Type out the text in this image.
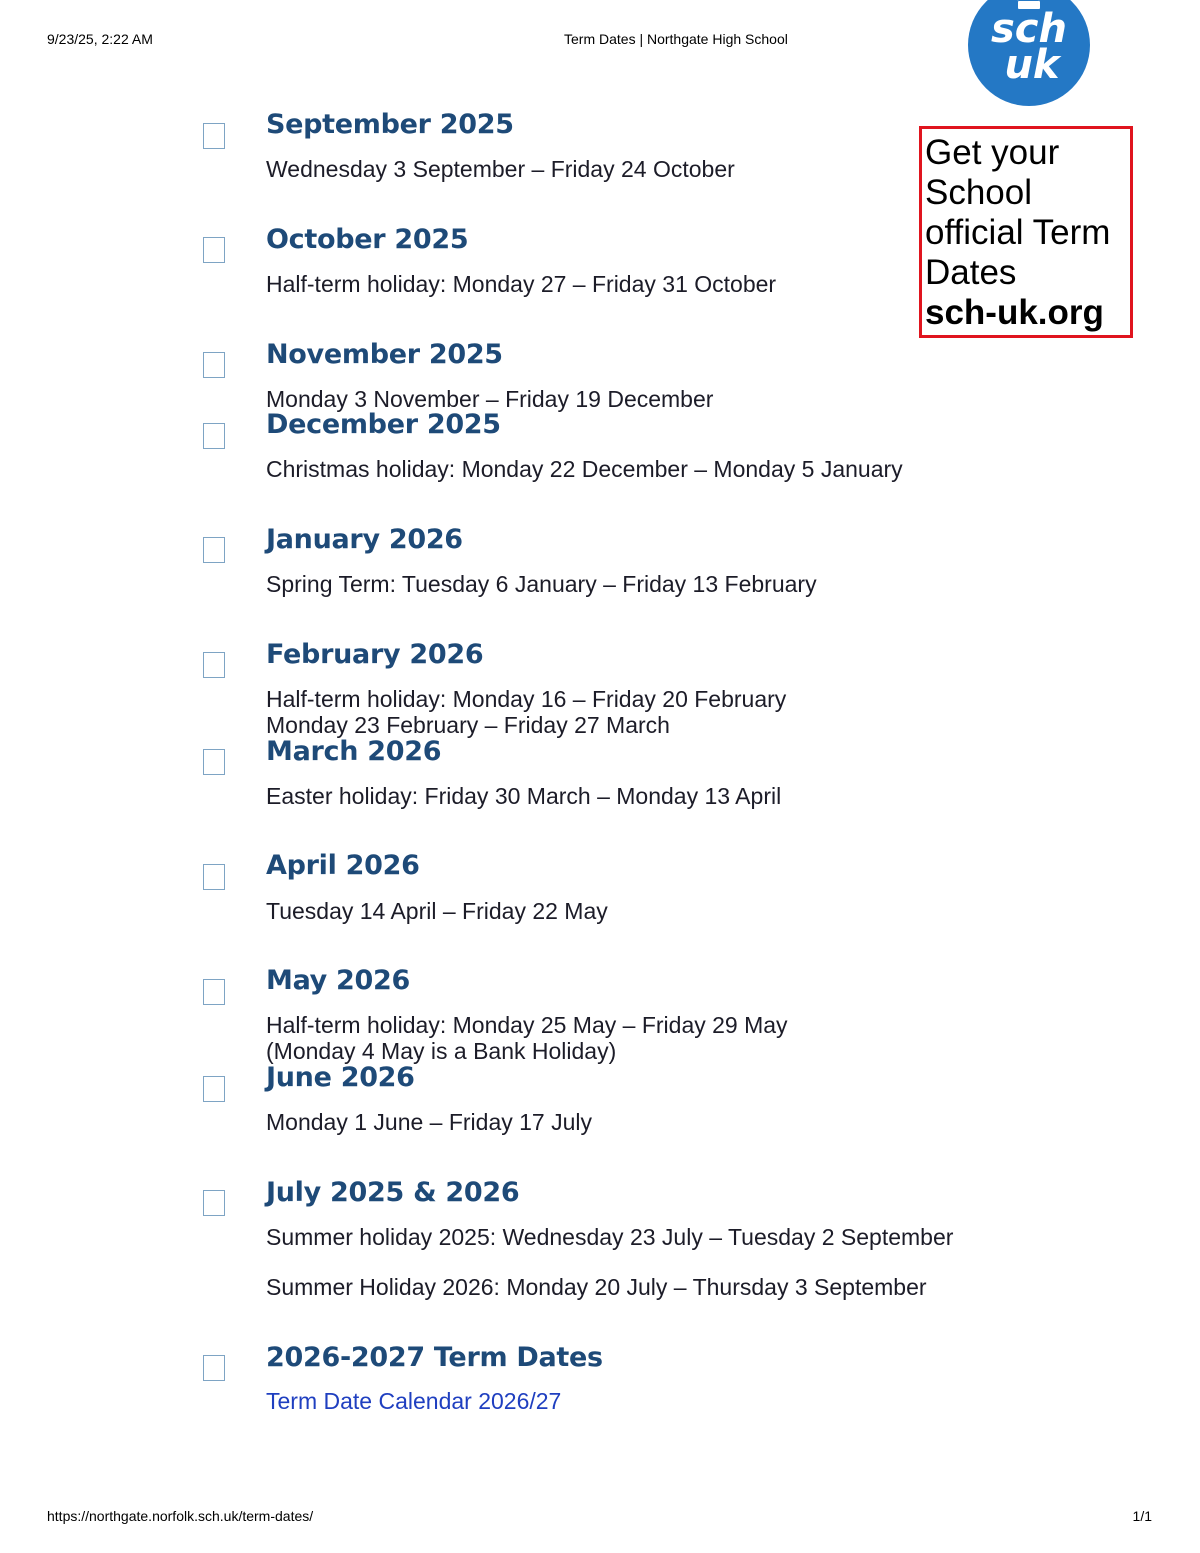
9/23/25, 2:22 AM	Term Dates | Northgate High School	sch
uk
Get your
School
official Term
Dates
sch-uk.org
September 2025
Wednesday 3 September – Friday 24 October
October 2025
Half-term holiday: Monday 27 – Friday 31 October
November 2025
Monday 3 November – Friday 19 December
December 2025
Christmas holiday: Monday 22 December – Monday 5 January
January 2026
Spring Term: Tuesday 6 January – Friday 13 February
February 2026
Half-term holiday: Monday 16 – Friday 20 February
Monday 23 February – Friday 27 March
March 2026
Easter holiday: Friday 30 March – Monday 13 April
April 2026
Tuesday 14 April – Friday 22 May
May 2026
Half-term holiday: Monday 25 May – Friday 29 May
(Monday 4 May is a Bank Holiday)
June 2026
Monday 1 June – Friday 17 July
July 2025 & 2026
Summer holiday 2025: Wednesday 23 July – Tuesday 2 September
Summer Holiday 2026: Monday 20 July – Thursday 3 September
2026-2027 Term Dates
Term Date Calendar 2026/27
https://northgate.norfolk.sch.uk/term-dates/	1/1
